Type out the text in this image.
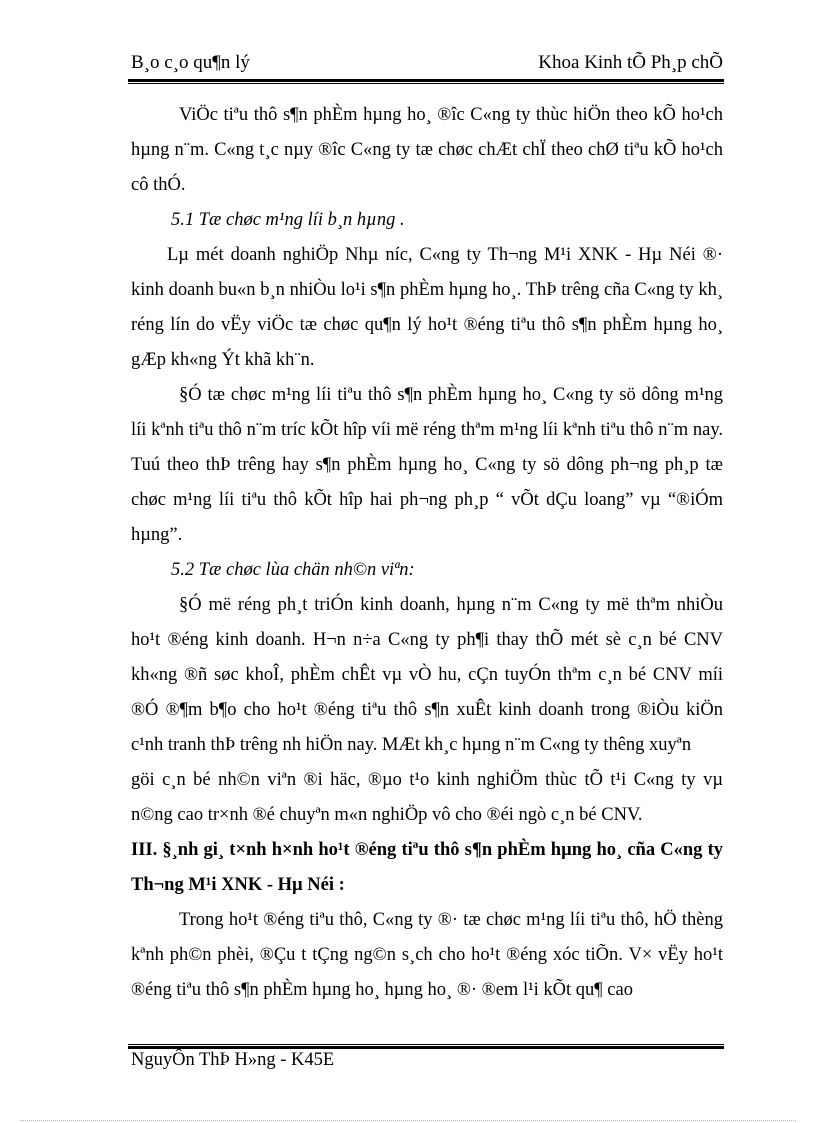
B¸o c¸o qu¶n lý	Khoa Kinh tÕ Ph¸p chÕ

ViÖc tiªu thô s¶n phÈm hµng ho¸ ®îc C«ng ty thùc hiÖn theo kÕ ho¹ch hµng n¨m. C«ng t¸c nµy ®îc C«ng ty tæ chøc chÆt chÏ theo chØ tiªu kÕ ho¹ch cô thÓ.

5.1 Tæ chøc m¹ng líi b¸n hµng .

Lµ mét doanh nghiÖp Nhµ níc, C«ng ty Th¬ng M¹i XNK - Hµ Néi ®· kinh doanh bu«n b¸n nhiÒu lo¹i s¶n phÈm hµng ho¸. ThÞ trêng cña C«ng ty kh¸ réng lín do vËy viÖc tæ chøc qu¶n lý ho¹t ®éng tiªu thô s¶n phÈm hµng ho¸ gÆp kh«ng Ýt khã kh¨n.

§Ó tæ chøc m¹ng líi tiªu thô s¶n phÈm hµng ho¸ C«ng ty sö dông m¹ng líi kªnh tiªu thô n¨m tríc kÕt hîp víi më réng thªm m¹ng líi kªnh tiªu thô n¨m nay. Tuú theo thÞ trêng hay s¶n phÈm hµng ho¸ C«ng ty sö dông ph¬ng ph¸p tæ chøc m¹ng líi tiªu thô kÕt hîp hai ph¬ng ph¸p “ vÕt dÇu loang” vµ “®iÓm hµng”.

5.2 Tæ chøc lùa chän nh©n viªn:

§Ó më réng ph¸t triÓn kinh doanh, hµng n¨m C«ng ty më thªm nhiÒu ho¹t ®éng kinh doanh. H¬n n÷a C«ng ty ph¶i thay thÕ mét sè c¸n bé CNV kh«ng ®ñ søc khoÎ, phÈm chÊt vµ vÒ hu, cÇn tuyÓn thªm c¸n bé CNV míi ®Ó ®¶m b¶o cho ho¹t ®éng tiªu thô s¶n xuÊt kinh doanh trong ®iÒu kiÖn c¹nh tranh thÞ trêng nh hiÖn nay. MÆt kh¸c hµng n¨m C«ng ty thêng xuyªn

göi c¸n bé nh©n viªn ®i häc, ®µo t¹o kinh nghiÖm thùc tÕ t¹i C«ng ty vµ n©ng cao tr×nh ®é chuyªn m«n nghiÖp vô cho ®éi ngò c¸n bé CNV.

III. §¸nh gi¸ t×nh h×nh ho¹t ®éng tiªu thô s¶n phÈm hµng ho¸ cña C«ng ty Th¬ng M¹i XNK - Hµ Néi :

Trong ho¹t ®éng tiªu thô, C«ng ty ®· tæ chøc m¹ng líi tiªu thô, hÖ thèng kªnh ph©n phèi, ®Çu t tÇng ng©n s¸ch cho ho¹t ®éng xóc tiÕn. V× vËy ho¹t ®éng tiªu thô s¶n phÈm hµng ho¸ hµng ho¸ ®· ®em l¹i kÕt qu¶ cao

NguyÔn ThÞ H»ng - K45E
